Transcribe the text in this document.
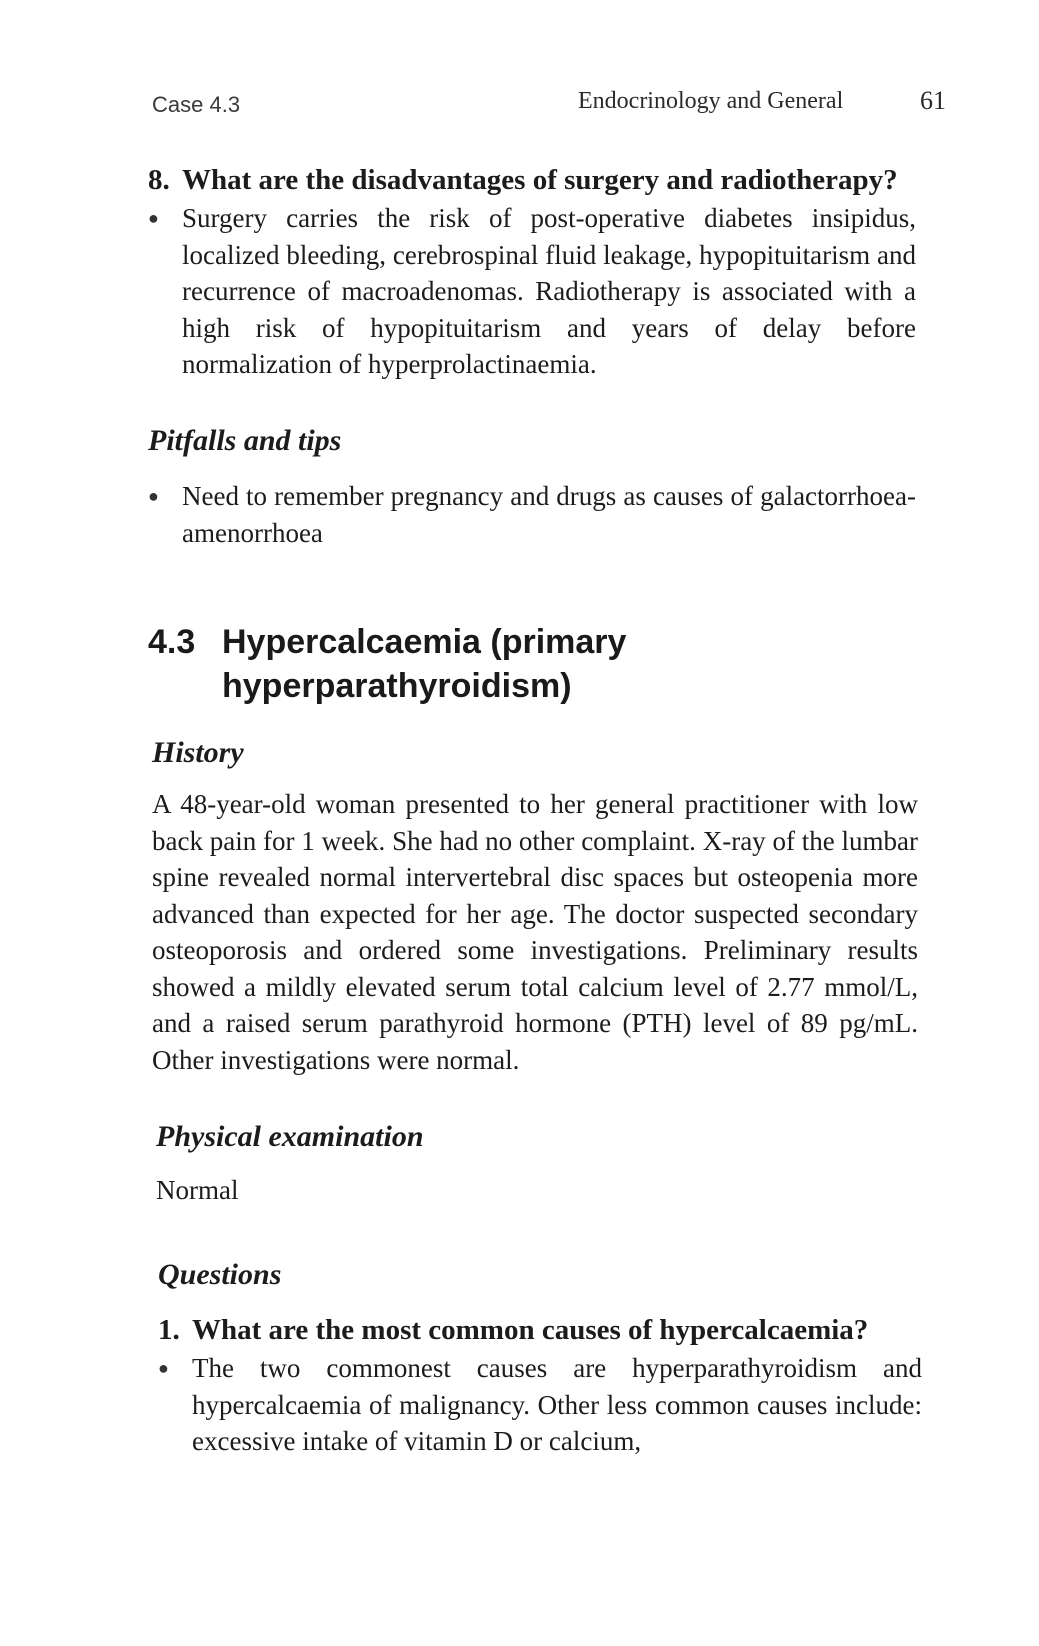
Case 4.3	Endocrinology and General	61
8. What are the disadvantages of surgery and radiotherapy?
● Surgery carries the risk of post-operative diabetes insipidus, localized bleeding, cerebrospinal fluid leakage, hypopituitarism and recurrence of macroadenomas. Radiotherapy is associated with a high risk of hypopituitarism and years of delay before normalization of hyperprolactinaemia.
Pitfalls and tips
● Need to remember pregnancy and drugs as causes of galactorrhoea-amenorrhoea
4.3 Hypercalcaemia (primary
hyperparathyroidism)
History
A 48-year-old woman presented to her general practitioner with low back pain for 1 week. She had no other complaint. X-ray of the lumbar spine revealed normal intervertebral disc spaces but osteopenia more advanced than expected for her age. The doctor suspected secondary osteoporosis and ordered some investigations. Preliminary results showed a mildly elevated serum total calcium level of 2.77 mmol/L, and a raised serum parathyroid hormone (PTH) level of 89 pg/mL. Other investigations were normal.
Physical examination
Normal
Questions
1. What are the most common causes of hypercalcaemia?
● The two commonest causes are hyperparathyroidism and hypercalcaemia of malignancy. Other less common causes include: excessive intake of vitamin D or calcium,
